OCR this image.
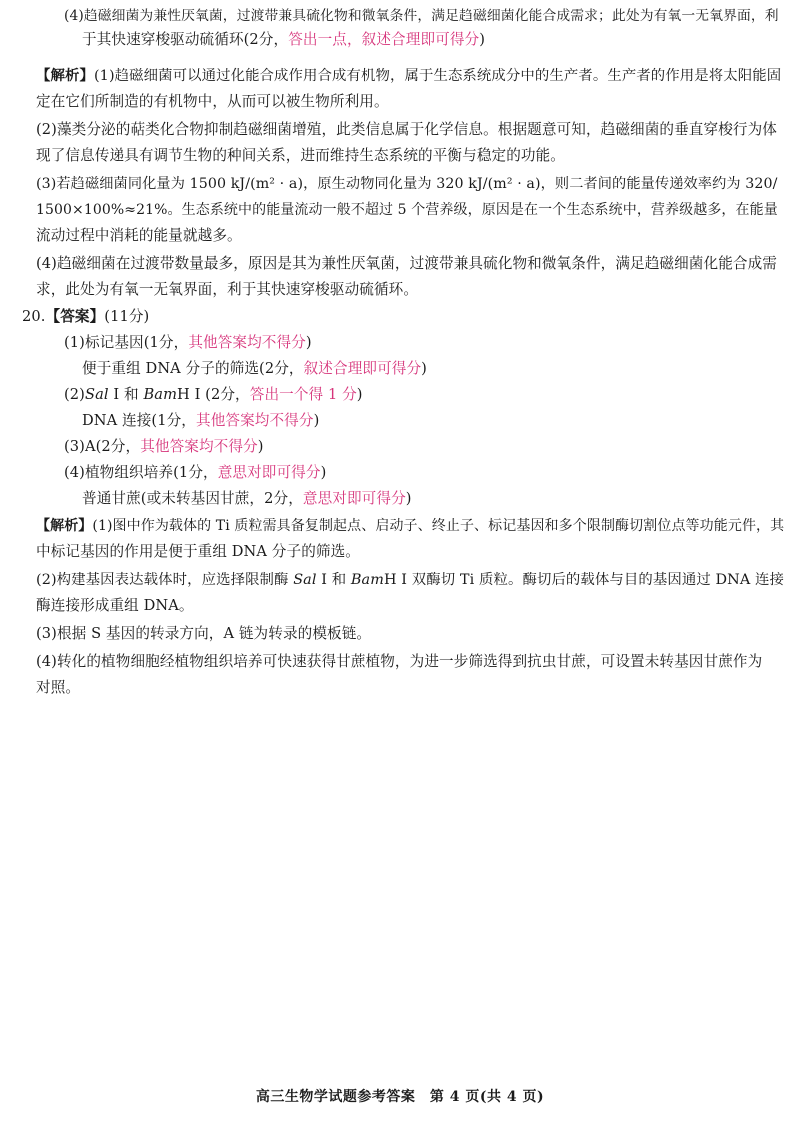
(4)趋磁细菌为兼性厌氧菌，过渡带兼具硫化物和微氧条件，满足趋磁细菌化能合成需求；此处为有氧一无氧界面，利
于其快速穿梭驱动硫循环(2分，答出一点，叙述合理即可得分)
【解析】(1)趋磁细菌可以通过化能合成作用合成有机物，属于生态系统成分中的生产者。生产者的作用是将太阳能固
定在它们所制造的有机物中，从而可以被生物所利用。
(2)藻类分泌的萜类化合物抑制趋磁细菌增殖，此类信息属于化学信息。根据题意可知，趋磁细菌的垂直穿梭行为体
现了信息传递具有调节生物的种间关系，进而维持生态系统的平衡与稳定的功能。
(3)若趋磁细菌同化量为 1500 kJ/(m² · a)，原生动物同化量为 320 kJ/(m² · a)，则二者间的能量传递效率约为 320/
1500×100%≈21%。生态系统中的能量流动一般不超过 5 个营养级，原因是在一个生态系统中，营养级越多，在能量
流动过程中消耗的能量就越多。
(4)趋磁细菌在过渡带数量最多，原因是其为兼性厌氧菌，过渡带兼具硫化物和微氧条件，满足趋磁细菌化能合成需
求，此处为有氧一无氧界面，利于其快速穿梭驱动硫循环。
20.【答案】(11分)
(1)标记基因(1分，其他答案均不得分)
便于重组 DNA 分子的筛选(2分，叙述合理即可得分)
(2)Sal Ⅰ 和 BamH Ⅰ (2分，答出一个得 1 分)
DNA 连接(1分，其他答案均不得分)
(3)A(2分，其他答案均不得分)
(4)植物组织培养(1分，意思对即可得分)
普通甘蔗(或未转基因甘蔗，2分，意思对即可得分)
【解析】(1)图中作为载体的 Ti 质粒需具备复制起点、启动子、终止子、标记基因和多个限制酶切割位点等功能元件，其
中标记基因的作用是便于重组 DNA 分子的筛选。
(2)构建基因表达载体时，应选择限制酶 Sal Ⅰ 和 BamH Ⅰ 双酶切 Ti 质粒。酶切后的载体与目的基因通过 DNA 连接
酶连接形成重组 DNA。
(3)根据 S 基因的转录方向，A 链为转录的模板链。
(4)转化的植物细胞经植物组织培养可快速获得甘蔗植物，为进一步筛选得到抗虫甘蔗，可设置未转基因甘蔗作为
对照。
高三生物学试题参考答案　第 4 页(共 4 页)
